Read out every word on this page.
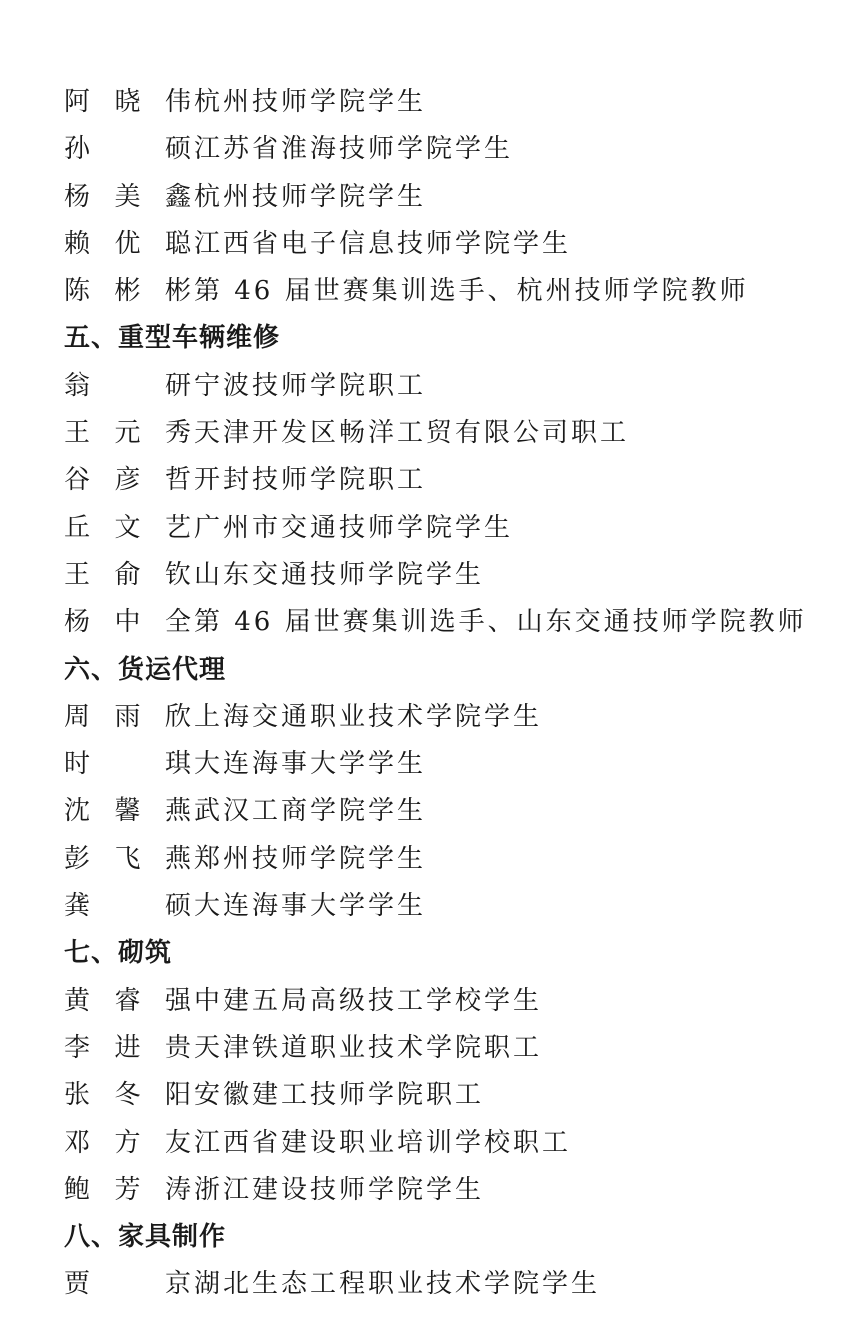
阿晓伟杭州技师学院学生
孙　硕江苏省淮海技师学院学生
杨美鑫杭州技师学院学生
赖优聪江西省电子信息技师学院学生
陈彬彬第 46 届世赛集训选手、杭州技师学院教师
五、重型车辆维修
翁　研宁波技师学院职工
王元秀天津开发区畅洋工贸有限公司职工
谷彦哲开封技师学院职工
丘文艺广州市交通技师学院学生
王俞钦山东交通技师学院学生
杨中全第 46 届世赛集训选手、山东交通技师学院教师
六、货运代理
周雨欣上海交通职业技术学院学生
时　琪大连海事大学学生
沈馨燕武汉工商学院学生
彭飞燕郑州技师学院学生
龚　硕大连海事大学学生
七、砌筑
黄睿强中建五局高级技工学校学生
李进贵天津铁道职业技术学院职工
张冬阳安徽建工技师学院职工
邓方友江西省建设职业培训学校职工
鲍芳涛浙江建设技师学院学生
八、家具制作
贾　京湖北生态工程职业技术学院学生
